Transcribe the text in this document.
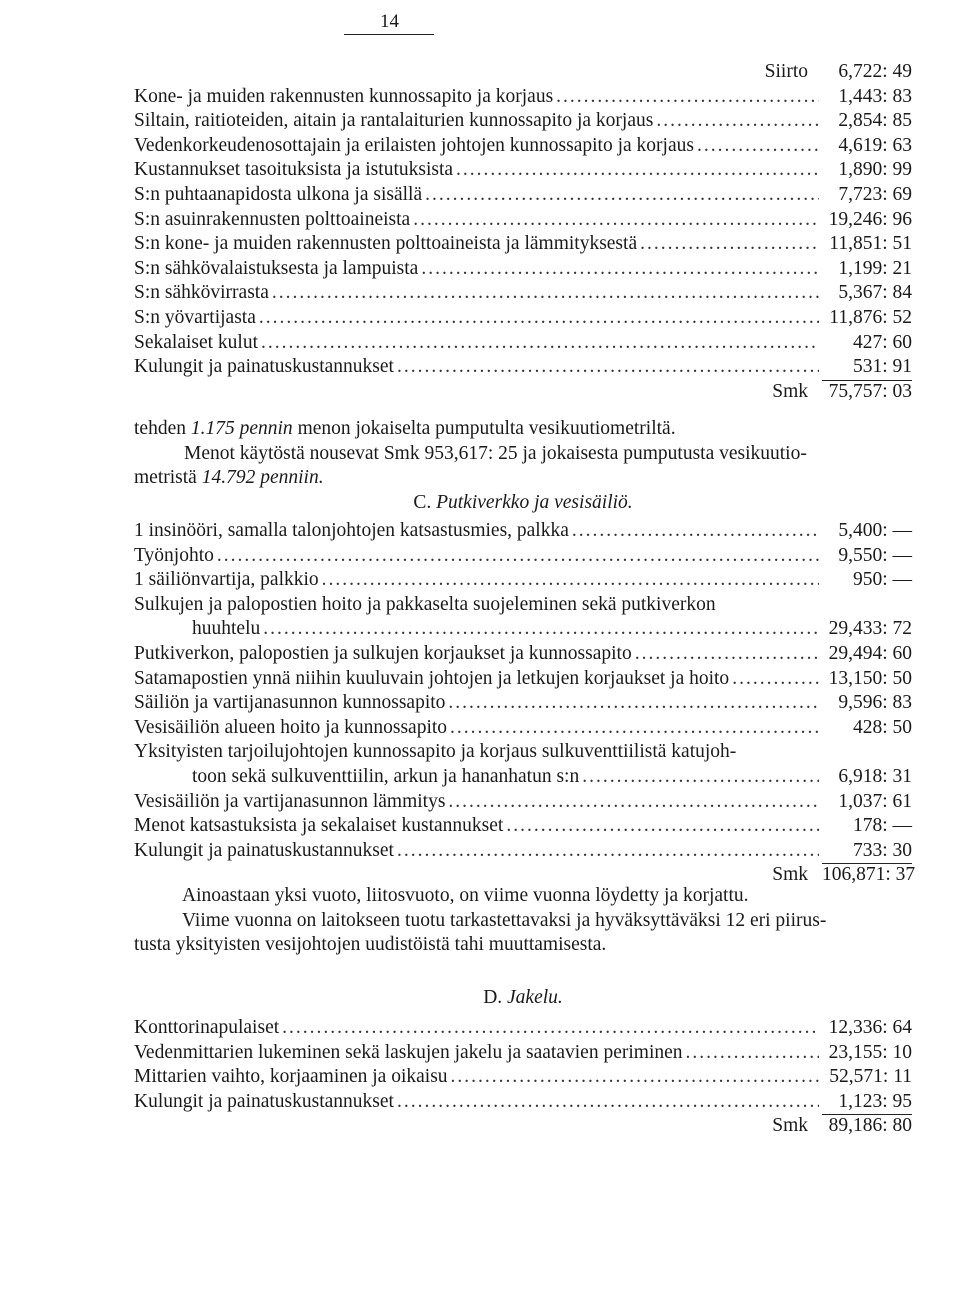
14
Siirto	6,722: 49
Kone- ja muiden rakennusten kunnossapito ja korjaus .....	1,443: 83
Siltain, raitioteiden, aitain ja rantalaiturien kunnossapito ja korjaus .....	2,854: 85
Vedenkorkeudenosottajain ja erilaisten johtojen kunnossapito ja korjaus .....	4,619: 63
Kustannukset tasoituksista ja istutuksista .....	1,890: 99
S:n puhtaanapidosta ulkona ja sisällä .....	7,723: 69
S:n asuinrakennusten polttoaineista .....	19,246: 96
S:n kone- ja muiden rakennusten polttoaineista ja lämmityksestä .....	11,851: 51
S:n sähkövalaistuksesta ja lampuista .....	1,199: 21
S:n sähkövirrasta .....	5,367: 84
S:n yövartijasta .....	11,876: 52
Sekalaiset kulut .....	427: 60
Kulungit ja painatuskustannukset .....	531: 91
Smk	75,757: 03
tehden 1.175 pennin menon jokaiselta pumputulta vesikuutiometriltä.
Menot käytöstä nousevat Smk 953,617: 25 ja jokaisesta pumputusta vesikuutio-
metristä 14.792 penniin.
C. Putkiverkko ja vesisäiliö.
1 insinööri, samalla talonjohtojen katsastusmies, palkka .....	5,400: —
Työnjohto .....	9,550: —
1 säiliönvartija, palkkio .....	950: —
Sulkujen ja palopostien hoito ja pakkaselta suojeleminen sekä putkiverkon
huuhtelu .....	29,433: 72
Putkiverkon, palopostien ja sulkujen korjaukset ja kunnossapito .....	29,494: 60
Satamapostien ynnä niihin kuuluvain johtojen ja letkujen korjaukset ja hoito .....	13,150: 50
Säiliön ja vartijanasunnon kunnossapito .....	9,596: 83
Vesisäiliön alueen hoito ja kunnossapito .....	428: 50
Yksityisten tarjoilujohtojen kunnossapito ja korjaus sulkuventtiilistä katujoh-
toon sekä sulkuventtiilin, arkun ja hananhatun s:n .....	6,918: 31
Vesisäiliön ja vartijanasunnon lämmitys .....	1,037: 61
Menot katsastuksista ja sekalaiset kustannukset .....	178: —
Kulungit ja painatuskustannukset .....	733: 30
Smk 106,871: 37
Ainoastaan yksi vuoto, liitosvuoto, on viime vuonna löydetty ja korjattu.
Viime vuonna on laitokseen tuotu tarkastettavaksi ja hyväksyttäväksi 12 eri piirus-
tusta yksityisten vesijohtojen uudistöistä tahi muuttamisesta.
D. Jakelu.
Konttorinapulaiset .....	12,336: 64
Vedenmittarien lukeminen sekä laskujen jakelu ja saatavien periminen .....	23,155: 10
Mittarien vaihto, korjaaminen ja oikaisu .....	52,571: 11
Kulungit ja painatuskustannukset .....	1,123: 95
Smk	89,186: 80
